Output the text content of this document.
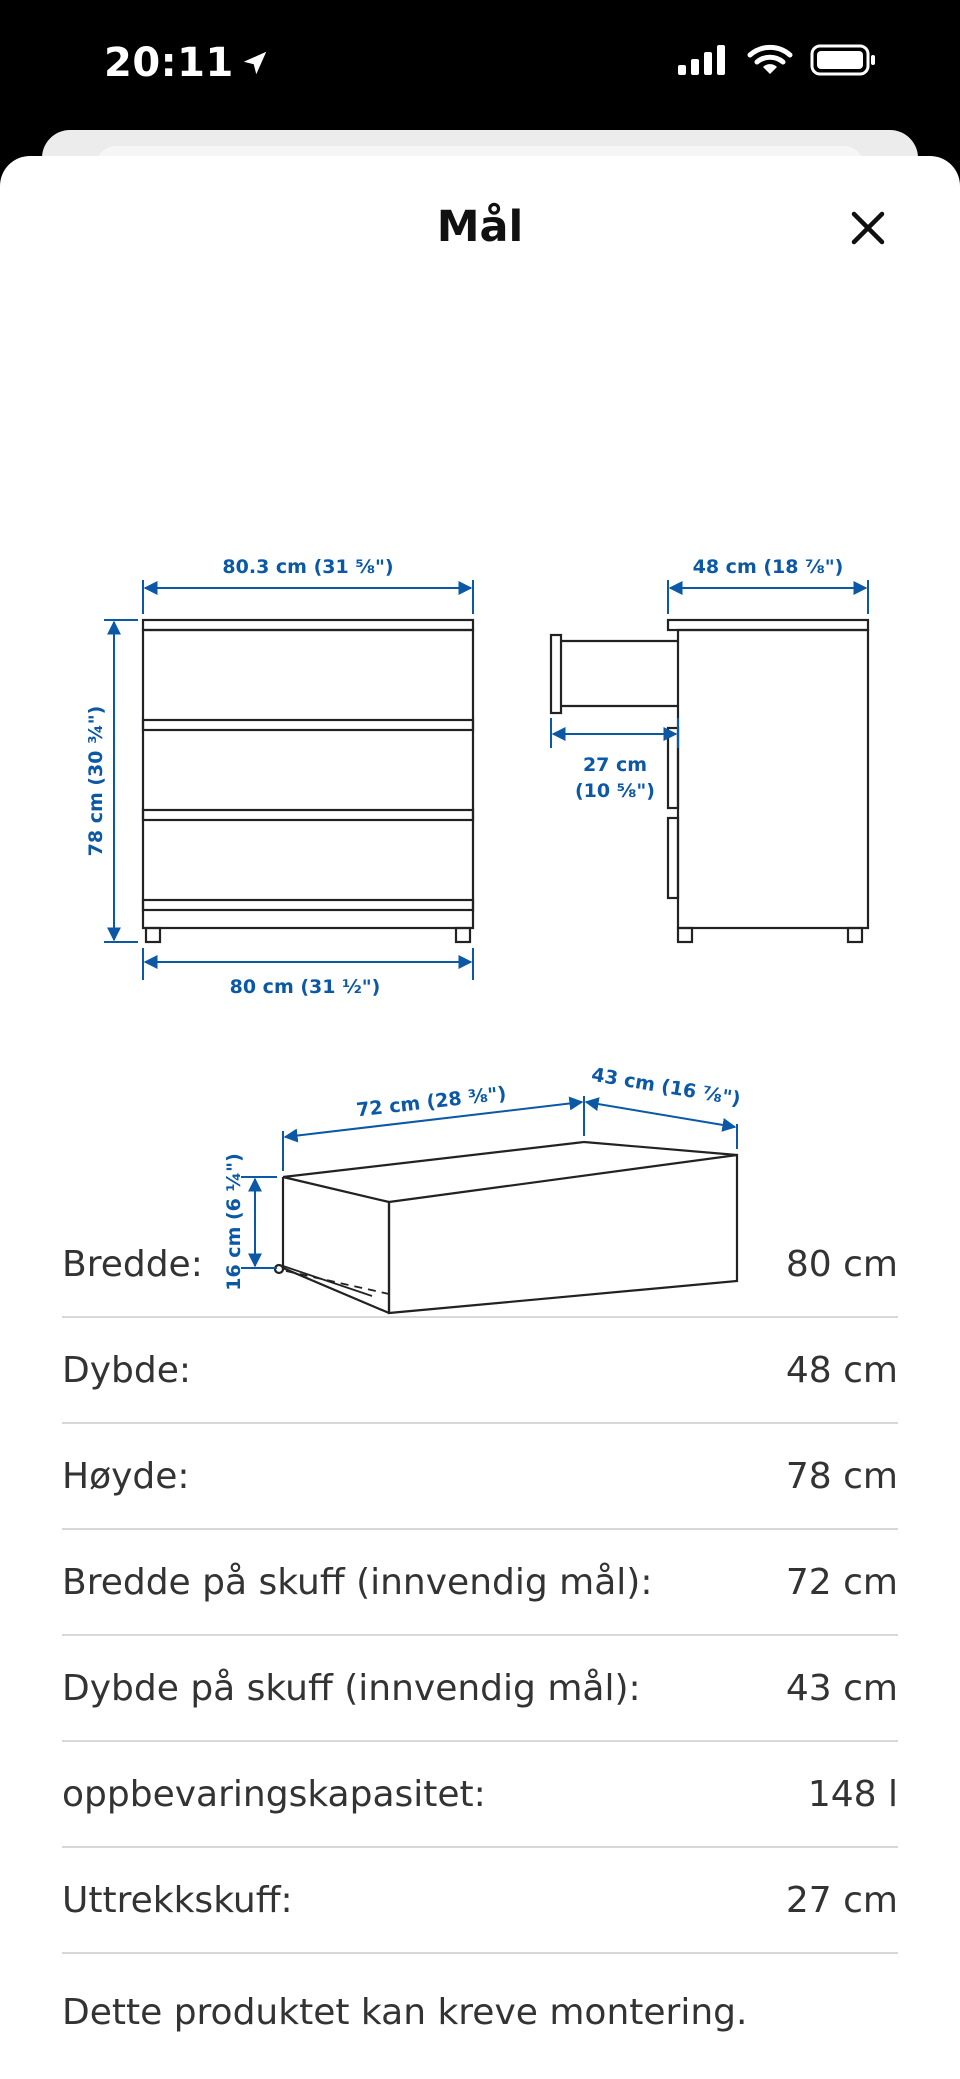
20:11
Mål
80.3 cm (31 ⅝")
78 cm (30 ¾")
80 cm (31 ½")
48 cm (18 ⅞")
27 cm
(10 ⅝")
72 cm (28 ⅜")	43 cm (16 ⅞")
16 cm (6 ¼")
Bredde:	80 cm
Dybde:	48 cm
Høyde:	78 cm
Bredde på skuff (innvendig mål):	72 cm
Dybde på skuff (innvendig mål):	43 cm
oppbevaringskapasitet:	148 l
Uttrekkskuff:	27 cm
Dette produktet kan kreve montering.
